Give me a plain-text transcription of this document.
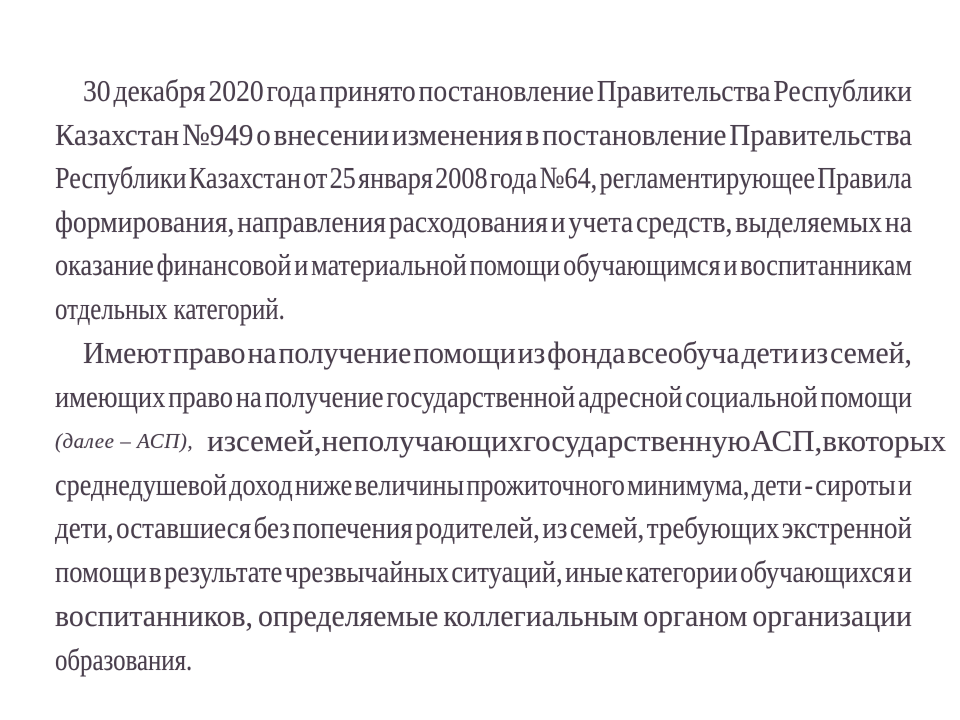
30 декабря 2020 года принято постановление Правительства Республики
Казахстан №949 о внесении изменения в постановление Правительства
Республики Казахстан от 25 января 2008 года №64, регламентирующее Правила
формирования, направления расходования и учета средств, выделяемых на
оказание финансовой и материальной помощи обучающимся и воспитанникам
отдельных категорий.
Имеют право на получение помощи из фонда всеобуча дети из семей,
имеющих право на получение государственной адресной социальной помощи
(далее – АСП), из семей, не получающих государственную АСП, в которых
среднедушевой доход ниже величины прожиточного минимума, дети - сироты и
дети, оставшиеся без попечения родителей, из семей, требующих экстренной
помощи в результате чрезвычайных ситуаций, иные категории обучающихся и
воспитанников, определяемые коллегиальным органом организации
образования.
